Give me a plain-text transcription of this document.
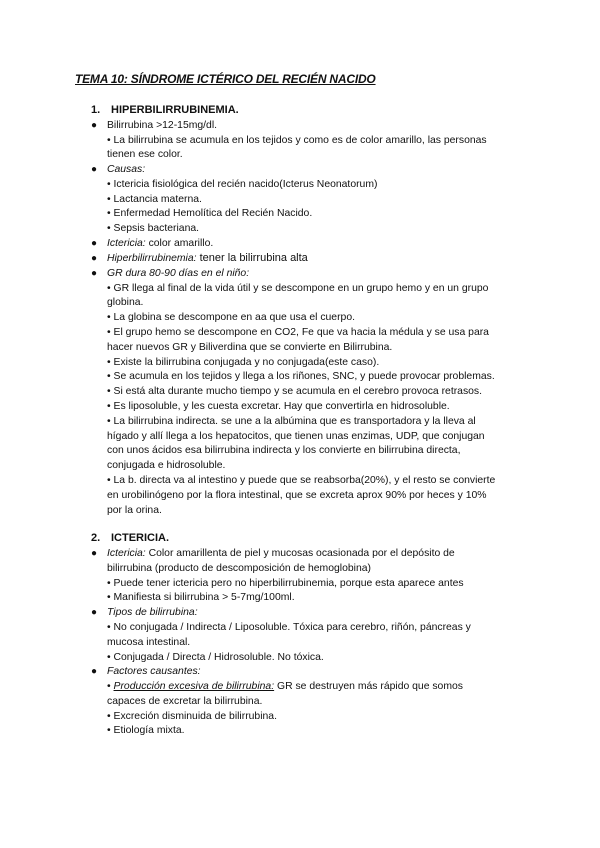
TEMA 10: SÍNDROME ICTÉRICO DEL RECIÉN NACIDO
1. HIPERBILIRRUBINEMIA.
● Bilirrubina >12-15mg/dl.
• La bilirrubina se acumula en los tejidos y como es de color amarillo, las personas
tienen ese color.
● Causas:
• Ictericia fisiológica del recién nacido(Icterus Neonatorum)
• Lactancia materna.
• Enfermedad Hemolítica del Recién Nacido.
• Sepsis bacteriana.
● Ictericia: color amarillo.
● Hiperbilirrubinemia: tener la bilirrubina alta
● GR dura 80-90 días en el niño:
• GR llega al final de la vida útil y se descompone en un grupo hemo y en un grupo
globina.
• La globina se descompone en aa que usa el cuerpo.
• El grupo hemo se descompone en CO2, Fe que va hacia la médula y se usa para
hacer nuevos GR y Biliverdina que se convierte en Bilirrubina.
• Existe la bilirrubina conjugada y no conjugada(este caso).
• Se acumula en los tejidos y llega a los riñones, SNC, y puede provocar problemas.
• Si está alta durante mucho tiempo y se acumula en el cerebro provoca retrasos.
• Es liposoluble, y les cuesta excretar. Hay que convertirla en hidrosoluble.
• La bilirrubina indirecta. se une a la albúmina que es transportadora y la lleva al
hígado y allí llega a los hepatocitos, que tienen unas enzimas, UDP, que conjugan
con unos ácidos esa bilirrubina indirecta y los convierte en bilirrubina directa,
conjugada e hidrosoluble.
• La b. directa va al intestino y puede que se reabsorba(20%), y el resto se convierte
en urobilinógeno por la flora intestinal, que se excreta aprox 90% por heces y 10%
por la orina.
2. ICTERICIA.
● Ictericia: Color amarillenta de piel y mucosas ocasionada por el depósito de
bilirrubina (producto de descomposición de hemoglobina)
• Puede tener ictericia pero no hiperbilirrubinemia, porque esta aparece antes
• Manifiesta si bilirrubina > 5-7mg/100ml.
● Tipos de bilirrubina:
• No conjugada / Indirecta / Liposoluble. Tóxica para cerebro, riñón, páncreas y
mucosa intestinal.
• Conjugada / Directa / Hidrosoluble. No tóxica.
● Factores causantes:
• Producción excesiva de bilirrubina: GR se destruyen más rápido que somos
capaces de excretar la bilirrubina.
• Excreción disminuida de bilirrubina.
• Etiología mixta.
